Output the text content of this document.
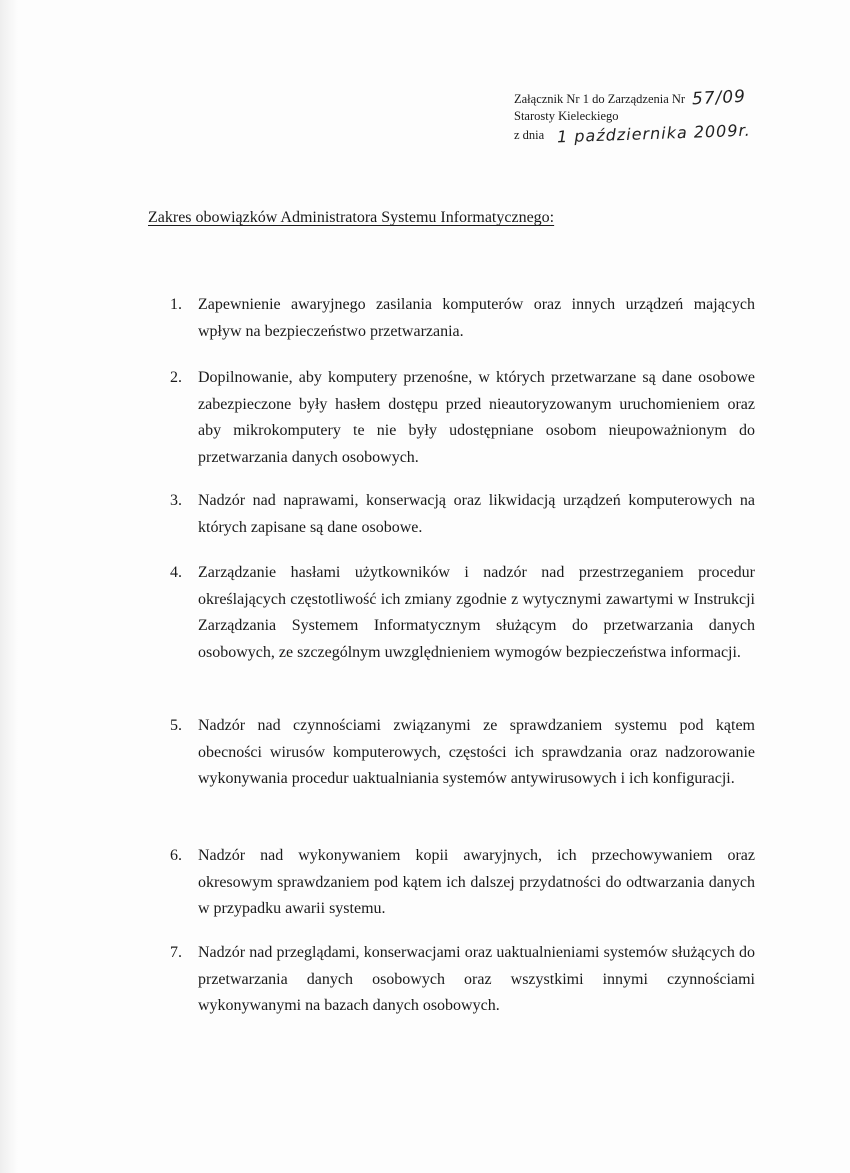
Załącznik Nr 1 do Zarządzenia Nr 57/09
Starosty Kieleckiego
z dnia 1 października 2009r.
Zakres obowiązków Administratora Systemu Informatycznego:
1.	Zapewnienie awaryjnego zasilania komputerów oraz innych urządzeń mających wpływ na bezpieczeństwo przetwarzania.
2.	Dopilnowanie, aby komputery przenośne, w których przetwarzane są dane osobowe zabezpieczone były hasłem dostępu przed nieautoryzowanym uruchomieniem oraz aby mikrokomputery te nie były udostępniane osobom nieupoważnionym do przetwarzania danych osobowych.
3.	Nadzór nad naprawami, konserwacją oraz likwidacją urządzeń komputerowych na których zapisane są dane osobowe.
4.	Zarządzanie hasłami użytkowników i nadzór nad przestrzeganiem procedur określających częstotliwość ich zmiany zgodnie z wytycznymi zawartymi w Instrukcji Zarządzania Systemem Informatycznym służącym do przetwarzania danych osobowych, ze szczególnym uwzględnieniem wymogów bezpieczeństwa informacji.
5.	Nadzór nad czynnościami związanymi ze sprawdzaniem systemu pod kątem obecności wirusów komputerowych, częstości ich sprawdzania oraz nadzorowanie wykonywania procedur uaktualniania systemów antywirusowych i ich konfiguracji.
6.	Nadzór nad wykonywaniem kopii awaryjnych, ich przechowywaniem oraz okresowym sprawdzaniem pod kątem ich dalszej przydatności do odtwarzania danych w przypadku awarii systemu.
7.	Nadzór nad przeglądami, konserwacjami oraz uaktualnieniami systemów służących do przetwarzania danych osobowych oraz wszystkimi innymi czynnościami wykonywanymi na bazach danych osobowych.
